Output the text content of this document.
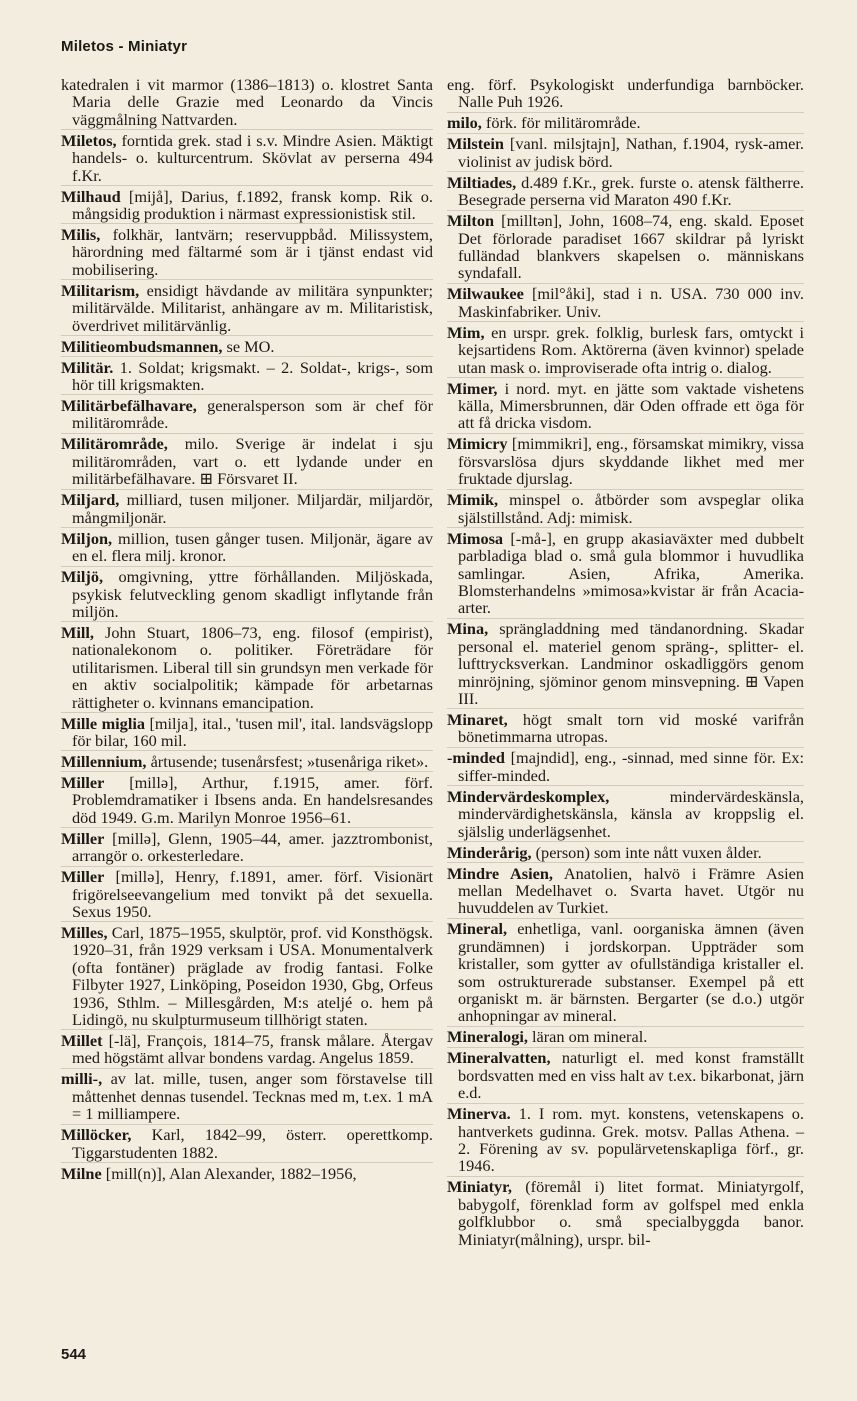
Miletos - Miniatyr

katedralen i vit marmor (1386–1813) o. klostret Santa Maria delle Grazie med Leonardo da Vincis väggmålning Nattvarden.

Miletos, forntida grek. stad i s.v. Mindre Asien. Mäktigt handels- o. kulturcentrum. Skövlat av perserna 494 f.Kr.

Milhaud [mijå], Darius, f.1892, fransk komp. Rik o. mångsidig produktion i närmast expressionistisk stil.

Milis, folkhär, lantvärn; reservuppbåd. Milissystem, härordning med fältarmé som är i tjänst endast vid mobilisering.

Militarism, ensidigt hävdande av militära synpunkter; militärvälde. Militarist, anhängare av m. Militaristisk, överdrivet militärvänlig.

Militieombudsmannen, se MO.

Militär. 1. Soldat; krigsmakt. – 2. Soldat-, krigs-, som hör till krigsmakten.

Militärbefälhavare, generalsperson som är chef för militärområde.

Militärområde, milo. Sverige är indelat i sju militärområden, vart o. ett lydande under en militärbefälhavare. ⊞ Försvaret II.

Miljard, milliard, tusen miljoner. Miljardär, miljardör, mångmiljonär.

Miljon, million, tusen gånger tusen. Miljonär, ägare av en el. flera milj. kronor.

Miljö, omgivning, yttre förhållanden. Miljöskada, psykisk felutveckling genom skadligt inflytande från miljön.

Mill, John Stuart, 1806–73, eng. filosof (empirist), nationalekonom o. politiker. Företrädare för utilitarismen. Liberal till sin grundsyn men verkade för en aktiv socialpolitik; kämpade för arbetarnas rättigheter o. kvinnans emancipation.

Mille miglia [milja], ital., 'tusen mil', ital. landsvägslopp för bilar, 160 mil.

Millennium, årtusende; tusenårsfest; »tusenåriga riket».

Miller [millə], Arthur, f.1915, amer. förf. Problemdramatiker i Ibsens anda. En handelsresandes död 1949. G.m. Marilyn Monroe 1956–61.

Miller [millə], Glenn, 1905–44, amer. jazztrombonist, arrangör o. orkesterledare.

Miller [millə], Henry, f.1891, amer. förf. Visionärt frigörelseevangelium med tonvikt på det sexuella. Sexus 1950.

Milles, Carl, 1875–1955, skulptör, prof. vid Konsthögsk. 1920–31, från 1929 verksam i USA. Monumentalverk (ofta fontäner) präglade av frodig fantasi. Folke Filbyter 1927, Linköping, Poseidon 1930, Gbg, Orfeus 1936, Sthlm. – Millesgården, M:s ateljé o. hem på Lidingö, nu skulpturmuseum tillhörigt staten.

Millet [-lä], François, 1814–75, fransk målare. Återgav med högstämt allvar bondens vardag. Angelus 1859.

milli-, av lat. mille, tusen, anger som förstavelse till måttenhet dennas tusendel. Tecknas med m, t.ex. 1 mA = 1 milliampere.

Millöcker, Karl, 1842–99, österr. operettkomp. Tiggarstudenten 1882.

Milne [mill(n)], Alan Alexander, 1882–1956,

eng. förf. Psykologiskt underfundiga barnböcker. Nalle Puh 1926.

milo, förk. för militärområde.

Milstein [vanl. milsjtajn], Nathan, f.1904, rysk-amer. violinist av judisk börd.

Miltiades, d.489 f.Kr., grek. furste o. atensk fältherre. Besegrade perserna vid Maraton 490 f.Kr.

Milton [milltən], John, 1608–74, eng. skald. Eposet Det förlorade paradiset 1667 skildrar på lyriskt fulländad blankvers skapelsen o. människans syndafall.

Milwaukee [mil°åki], stad i n. USA. 730 000 inv. Maskinfabriker. Univ.

Mim, en urspr. grek. folklig, burlesk fars, omtyckt i kejsartidens Rom. Aktörerna (även kvinnor) spelade utan mask o. improviserade ofta intrig o. dialog.

Mimer, i nord. myt. en jätte som vaktade vishetens källa, Mimersbrunnen, där Oden offrade ett öga för att få dricka visdom.

Mimicry [mimmikri], eng., församskat mimikry, vissa försvarslösa djurs skyddande likhet med mer fruktade djurslag.

Mimik, minspel o. åtbörder som avspeglar olika själstillstånd. Adj: mimisk.

Mimosa [-må-], en grupp akasiaväxter med dubbelt parbladiga blad o. små gula blommor i huvudlika samlingar. Asien, Afrika, Amerika. Blomsterhandelns »mimosa»kvistar är från Acacia-arter.

Mina, sprängladdning med tändanordning. Skadar personal el. materiel genom spräng-, splitter- el. lufttrycksverkan. Landminor oskadliggörs genom minröjning, sjöminor genom minsvepning. ⊞ Vapen III.

Minaret, högt smalt torn vid moské varifrån bönetimmarna utropas.

-minded [majndid], eng., -sinnad, med sinne för. Ex: siffer-minded.

Mindervärdeskomplex, mindervärdeskänsla, mindervärdighetskänsla, känsla av kroppslig el. själslig underlägsenhet.

Minderårig, (person) som inte nått vuxen ålder.

Mindre Asien, Anatolien, halvö i Främre Asien mellan Medelhavet o. Svarta havet. Utgör nu huvuddelen av Turkiet.

Mineral, enhetliga, vanl. oorganiska ämnen (även grundämnen) i jordskorpan. Uppträder som kristaller, som gytter av ofullständiga kristaller el. som ostrukturerade substanser. Exempel på ett organiskt m. är bärnsten. Bergarter (se d.o.) utgör anhopningar av mineral.

Mineralogi, läran om mineral.

Mineralvatten, naturligt el. med konst framställt bordsvatten med en viss halt av t.ex. bikarbonat, järn e.d.

Minerva. 1. I rom. myt. konstens, vetenskapens o. hantverkets gudinna. Grek. motsv. Pallas Athena. – 2. Förening av sv. populärvetenskapliga förf., gr. 1946.

Miniatyr, (föremål i) litet format. Miniatyrgolf, babygolf, förenklad form av golfspel med enkla golfklubbor o. små specialbyggda banor. Miniatyr(målning), urspr. bil-

544
